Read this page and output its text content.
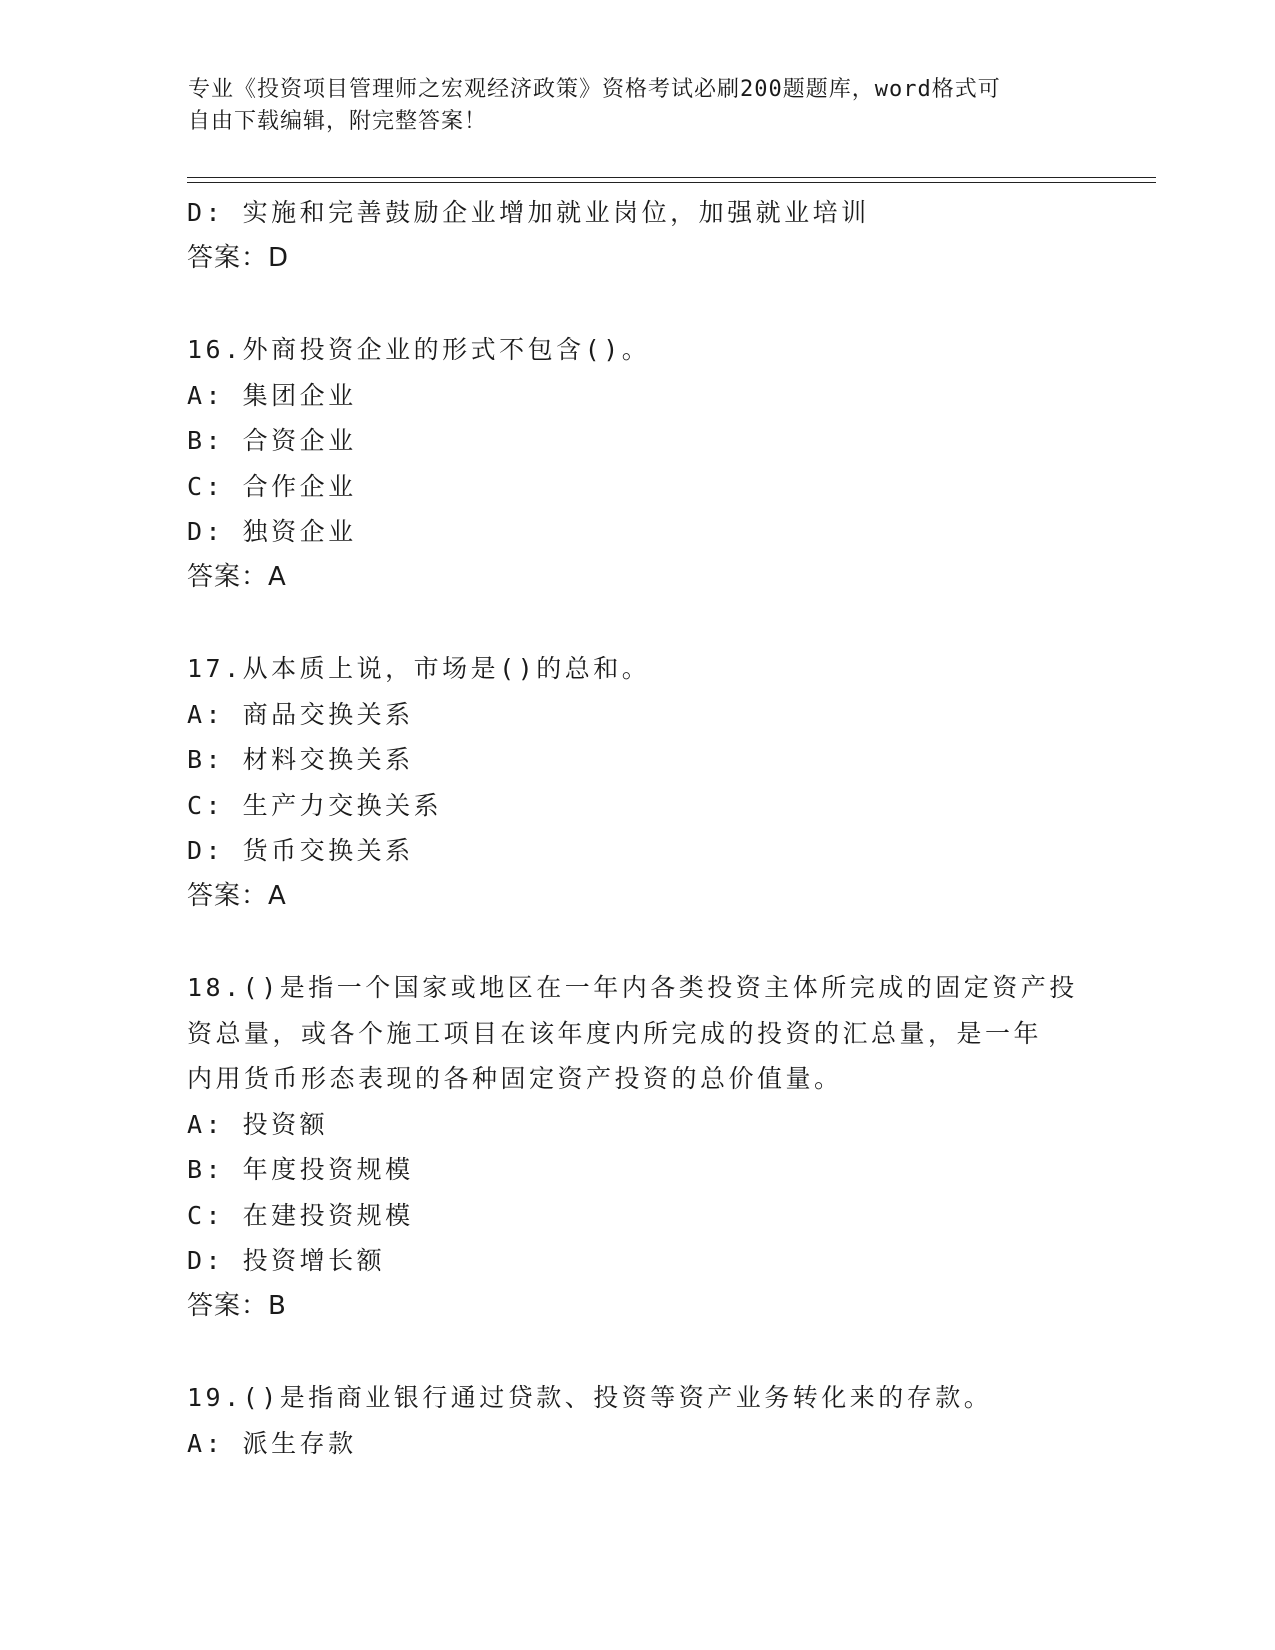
专业《投资项目管理师之宏观经济政策》资格考试必刷200题题库，word格式可
自由下载编辑，附完整答案！
D: 实施和完善鼓励企业增加就业岗位，加强就业培训
答案：D
16.外商投资企业的形式不包含()。
A: 集团企业
B: 合资企业
C: 合作企业
D: 独资企业
答案：A
17.从本质上说，市场是()的总和。
A: 商品交换关系
B: 材料交换关系
C: 生产力交换关系
D: 货币交换关系
答案：A
18.()是指一个国家或地区在一年内各类投资主体所完成的固定资产投
资总量，或各个施工项目在该年度内所完成的投资的汇总量，是一年
内用货币形态表现的各种固定资产投资的总价值量。
A: 投资额
B: 年度投资规模
C: 在建投资规模
D: 投资增长额
答案：B
19.()是指商业银行通过贷款、投资等资产业务转化来的存款。
A: 派生存款
